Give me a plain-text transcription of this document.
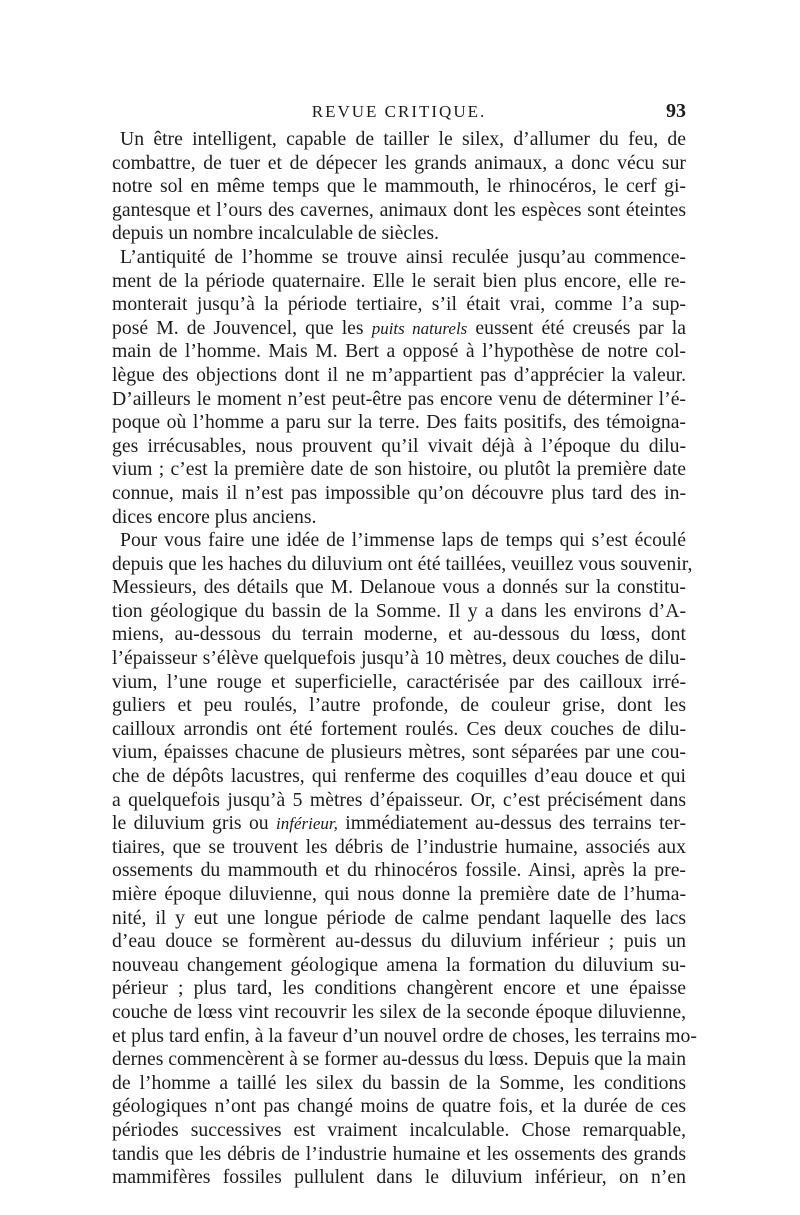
REVUE CRITIQUE.	93

Un être intelligent, capable de tailler le silex, d’allumer du feu, de
combattre, de tuer et de dépecer les grands animaux, a donc vécu sur
notre sol en même temps que le mammouth, le rhinocéros, le cerf gi-
gantesque et l’ours des cavernes, animaux dont les espèces sont éteintes
depuis un nombre incalculable de siècles.

L’antiquité de l’homme se trouve ainsi reculée jusqu’au commence-
ment de la période quaternaire. Elle le serait bien plus encore, elle re-
monterait jusqu’à la période tertiaire, s’il était vrai, comme l’a sup-
posé M. de Jouvencel, que les puits naturels eussent été creusés par la
main de l’homme. Mais M. Bert a opposé à l’hypothèse de notre col-
lègue des objections dont il ne m’appartient pas d’apprécier la valeur.
D’ailleurs le moment n’est peut-être pas encore venu de déterminer l’é-
poque où l’homme a paru sur la terre. Des faits positifs, des témoigna-
ges irrécusables, nous prouvent qu’il vivait déjà à l’époque du dilu-
vium ; c’est la première date de son histoire, ou plutôt la première date
connue, mais il n’est pas impossible qu’on découvre plus tard des in-
dices encore plus anciens.

Pour vous faire une idée de l’immense laps de temps qui s’est écoulé
depuis que les haches du diluvium ont été taillées, veuillez vous souvenir,
Messieurs, des détails que M. Delanoue vous a donnés sur la constitu-
tion géologique du bassin de la Somme. Il y a dans les environs d’A-
miens, au-dessous du terrain moderne, et au-dessous du lœss, dont
l’épaisseur s’élève quelquefois jusqu’à 10 mètres, deux couches de dilu-
vium, l’une rouge et superficielle, caractérisée par des cailloux irré-
guliers et peu roulés, l’autre profonde, de couleur grise, dont les
cailloux arrondis ont été fortement roulés. Ces deux couches de dilu-
vium, épaisses chacune de plusieurs mètres, sont séparées par une cou-
che de dépôts lacustres, qui renferme des coquilles d’eau douce et qui
a quelquefois jusqu’à 5 mètres d’épaisseur. Or, c’est précisément dans
le diluvium gris ou inférieur, immédiatement au-dessus des terrains ter-
tiaires, que se trouvent les débris de l’industrie humaine, associés aux
ossements du mammouth et du rhinocéros fossile. Ainsi, après la pre-
mière époque diluvienne, qui nous donne la première date de l’huma-
nité, il y eut une longue période de calme pendant laquelle des lacs
d’eau douce se formèrent au-dessus du diluvium inférieur ; puis un
nouveau changement géologique amena la formation du diluvium su-
périeur ; plus tard, les conditions changèrent encore et une épaisse
couche de lœss vint recouvrir les silex de la seconde époque diluvienne,
et plus tard enfin, à la faveur d’un nouvel ordre de choses, les terrains mo-
dernes commencèrent à se former au-dessus du lœss. Depuis que la main
de l’homme a taillé les silex du bassin de la Somme, les conditions
géologiques n’ont pas changé moins de quatre fois, et la durée de ces
périodes successives est vraiment incalculable. Chose remarquable,
tandis que les débris de l’industrie humaine et les ossements des grands
mammifères fossiles pullulent dans le diluvium inférieur, on n’en
